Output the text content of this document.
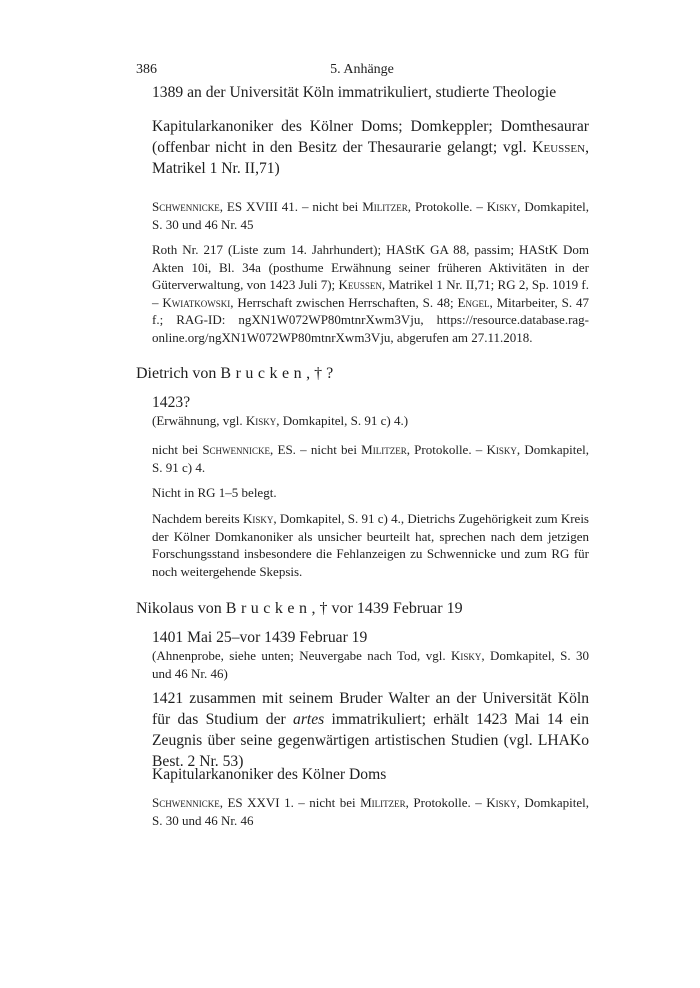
386	5. Anhänge

1389 an der Universität Köln immatrikuliert, studierte Theologie

Kapitularkanoniker des Kölner Doms; Domkeppler; Domthesaurar (offenbar nicht in den Besitz der Thesaurarie gelangt; vgl. Keussen, Matrikel 1 Nr. II,71)

Schwennicke, ES XVIII 41. – nicht bei Militzer, Protokolle. – Kisky, Domkapitel, S. 30 und 46 Nr. 45

Roth Nr. 217 (Liste zum 14. Jahrhundert); HAStK GA 88, passim; HAStK Dom Akten 10i, Bl. 34a (posthume Erwähnung seiner früheren Aktivitäten in der Güterverwaltung, von 1423 Juli 7); Keussen, Matrikel 1 Nr. II,71; RG 2, Sp. 1019 f. – Kwiatkowski, Herrschaft zwischen Herrschaften, S. 48; Engel, Mitarbeiter, S. 47 f.; RAG-ID: ngXN1W072WP80mtnrXwm3Vju, https://resource.database.rag-online.org/ngXN1W072WP80mtnrXwm3Vju, abgerufen am 27.11.2018.

Dietrich von Brucken, † ?

1423?

(Erwähnung, vgl. Kisky, Domkapitel, S. 91 c) 4.)

nicht bei Schwennicke, ES. – nicht bei Militzer, Protokolle. – Kisky, Domkapitel, S. 91 c) 4.

Nicht in RG 1–5 belegt.

Nachdem bereits Kisky, Domkapitel, S. 91 c) 4., Dietrichs Zugehörigkeit zum Kreis der Kölner Domkanoniker als unsicher beurteilt hat, sprechen nach dem jetzigen Forschungsstand insbesondere die Fehlanzeigen zu Schwennicke und zum RG für noch weitergehende Skepsis.

Nikolaus von Brucken, † vor 1439 Februar 19

1401 Mai 25–vor 1439 Februar 19

(Ahnenprobe, siehe unten; Neuvergabe nach Tod, vgl. Kisky, Domkapitel, S. 30 und 46 Nr. 46)

1421 zusammen mit seinem Bruder Walter an der Universität Köln für das Studium der artes immatrikuliert; erhält 1423 Mai 14 ein Zeugnis über seine gegenwärtigen artistischen Studien (vgl. LHAKo Best. 2 Nr. 53)

Kapitularkanoniker des Kölner Doms

Schwennicke, ES XXVI 1. – nicht bei Militzer, Protokolle. – Kisky, Domkapitel, S. 30 und 46 Nr. 46
